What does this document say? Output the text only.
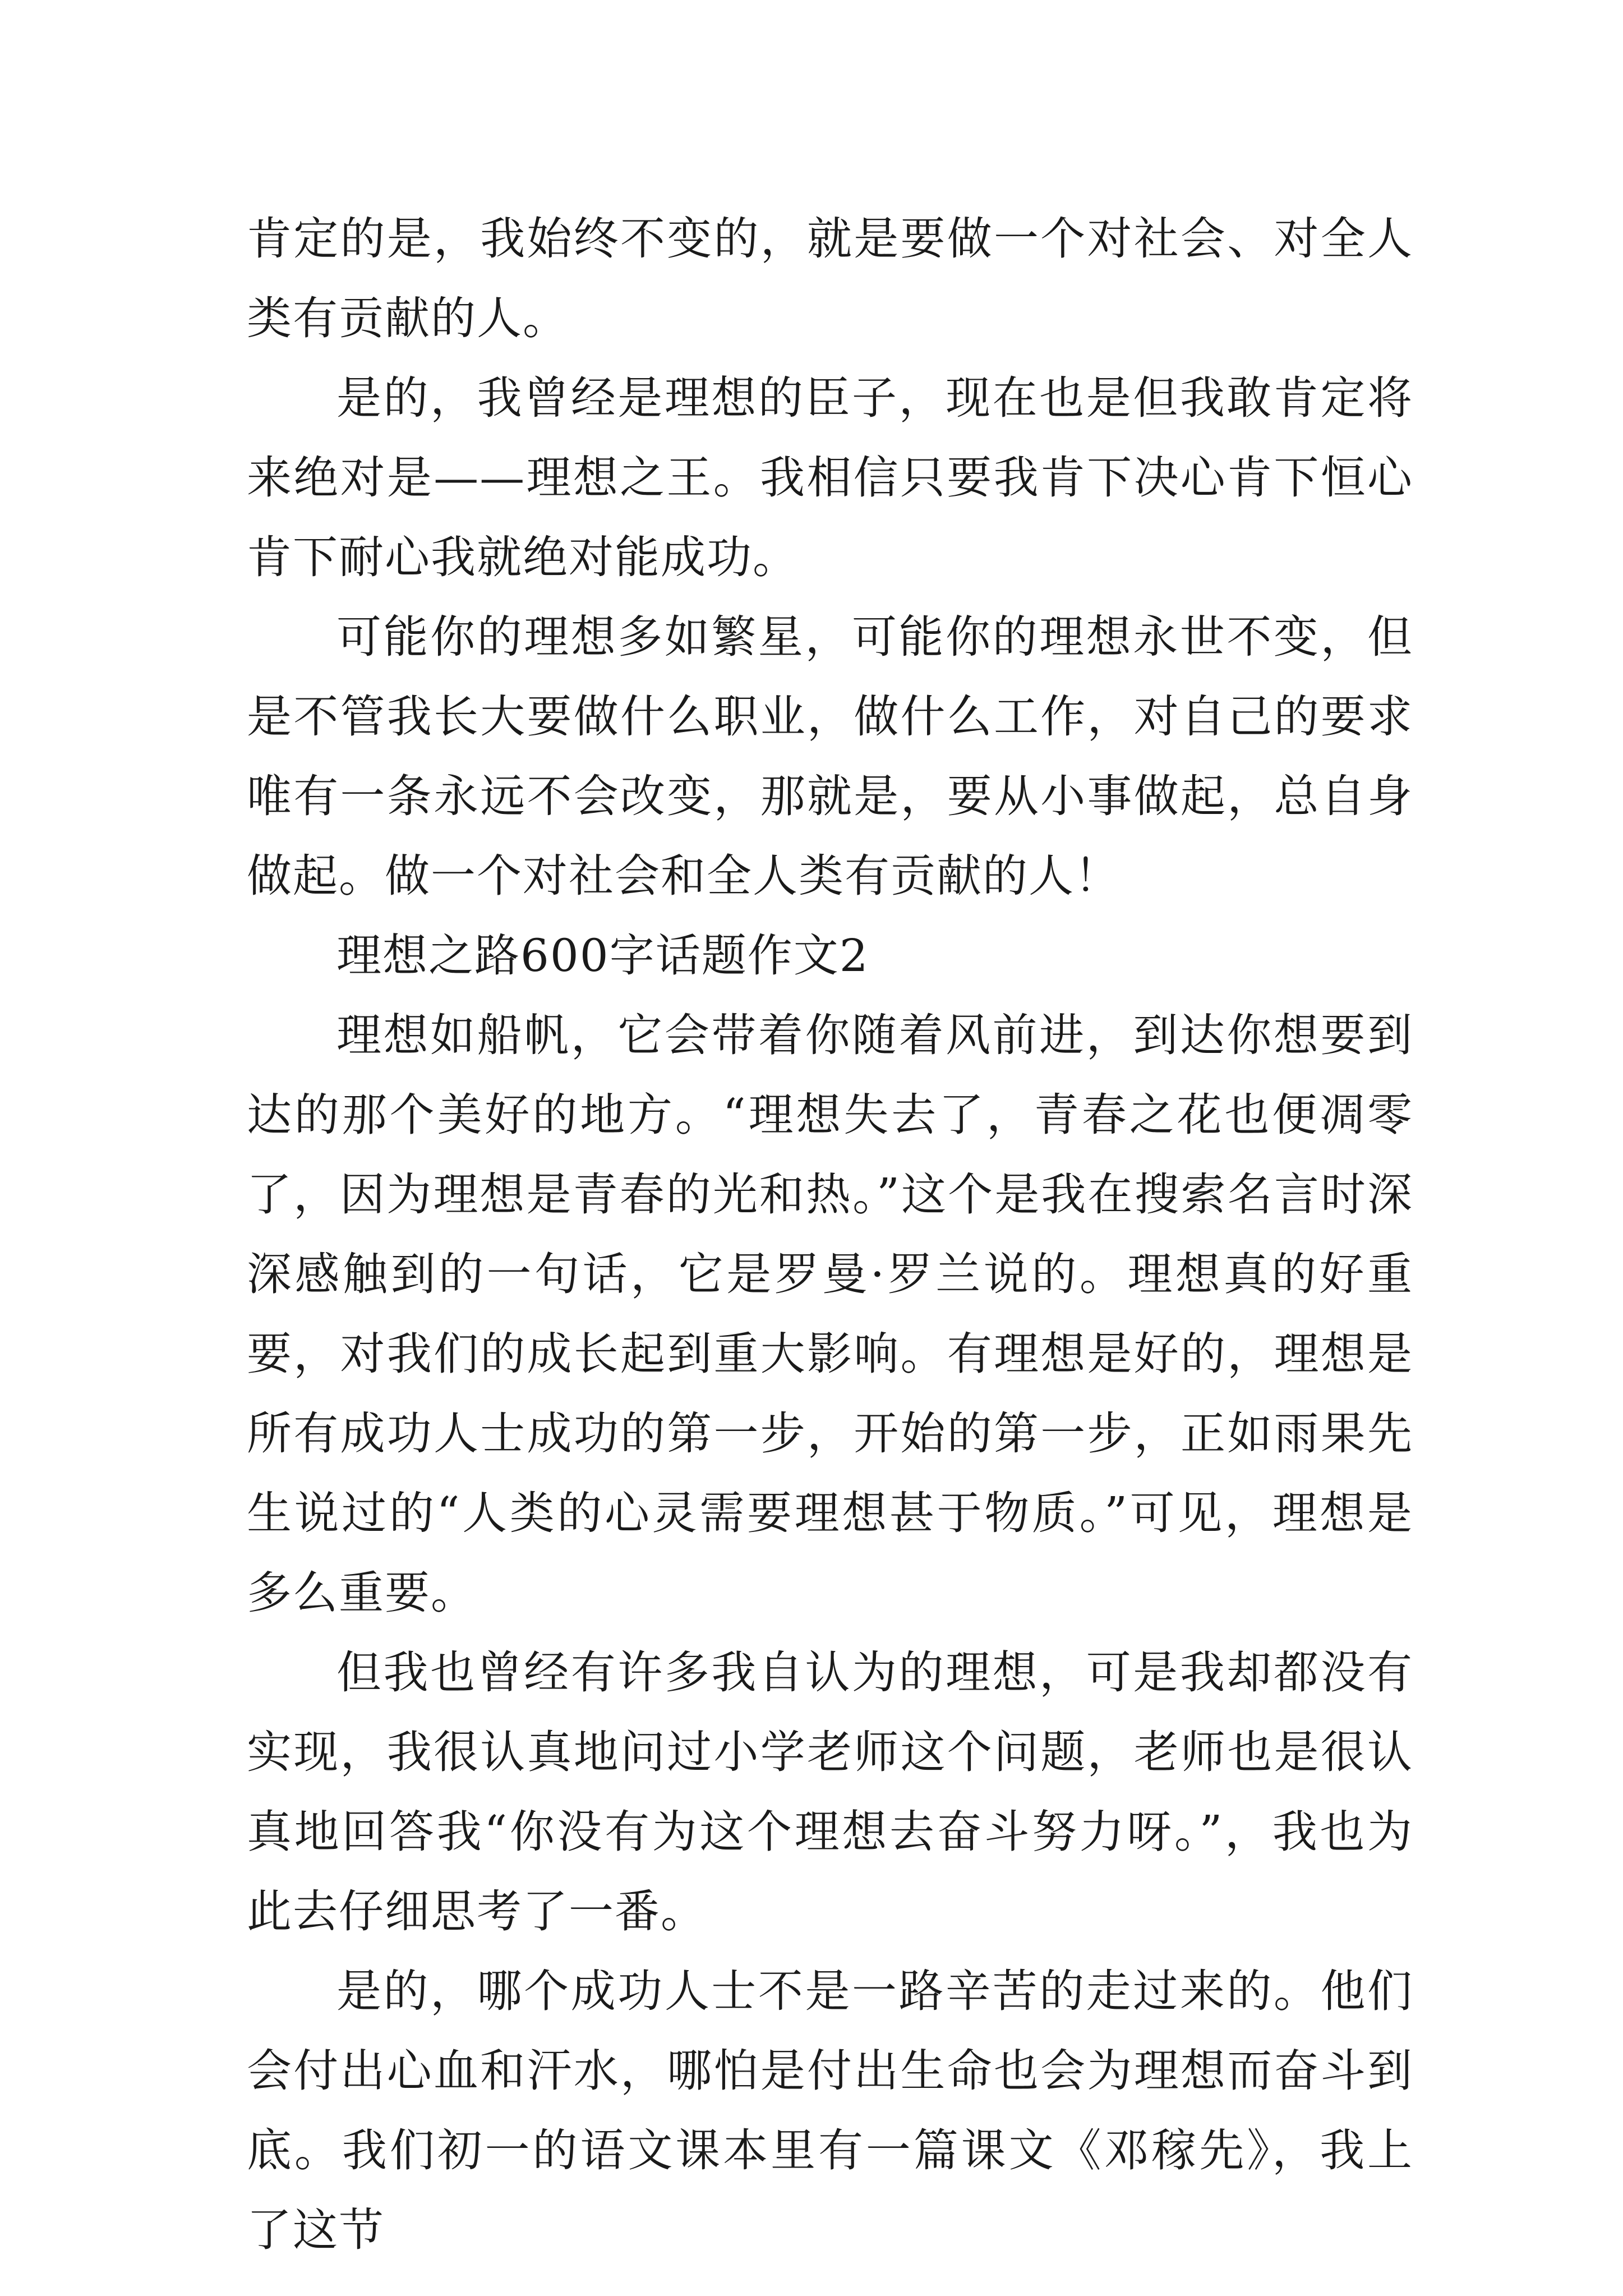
肯定的是，我始终不变的，就是要做一个对社会、对全人类有贡献的人。

是的，我曾经是理想的臣子，现在也是但我敢肯定将来绝对是——理想之王。我相信只要我肯下决心肯下恒心肯下耐心我就绝对能成功。

可能你的理想多如繁星，可能你的理想永世不变，但是不管我长大要做什么职业，做什么工作，对自己的要求唯有一条永远不会改变，那就是，要从小事做起，总自身做起。做一个对社会和全人类有贡献的人！

理想之路600字话题作文2

理想如船帆，它会带着你随着风前进，到达你想要到达的那个美好的地方。“理想失去了，青春之花也便凋零了，因为理想是青春的光和热。”这个是我在搜索名言时深深感触到的一句话，它是罗曼·罗兰说的。理想真的好重要，对我们的成长起到重大影响。有理想是好的，理想是所有成功人士成功的第一步，开始的第一步，正如雨果先生说过的“人类的心灵需要理想甚于物质。”可见，理想是多么重要。

但我也曾经有许多我自认为的理想，可是我却都没有实现，我很认真地问过小学老师这个问题，老师也是很认真地回答我“你没有为这个理想去奋斗努力呀。”，我也为此去仔细思考了一番。

是的，哪个成功人士不是一路辛苦的走过来的。他们会付出心血和汗水，哪怕是付出生命也会为理想而奋斗到底。我们初一的语文课本里有一篇课文《邓稼先》，我上了这节
